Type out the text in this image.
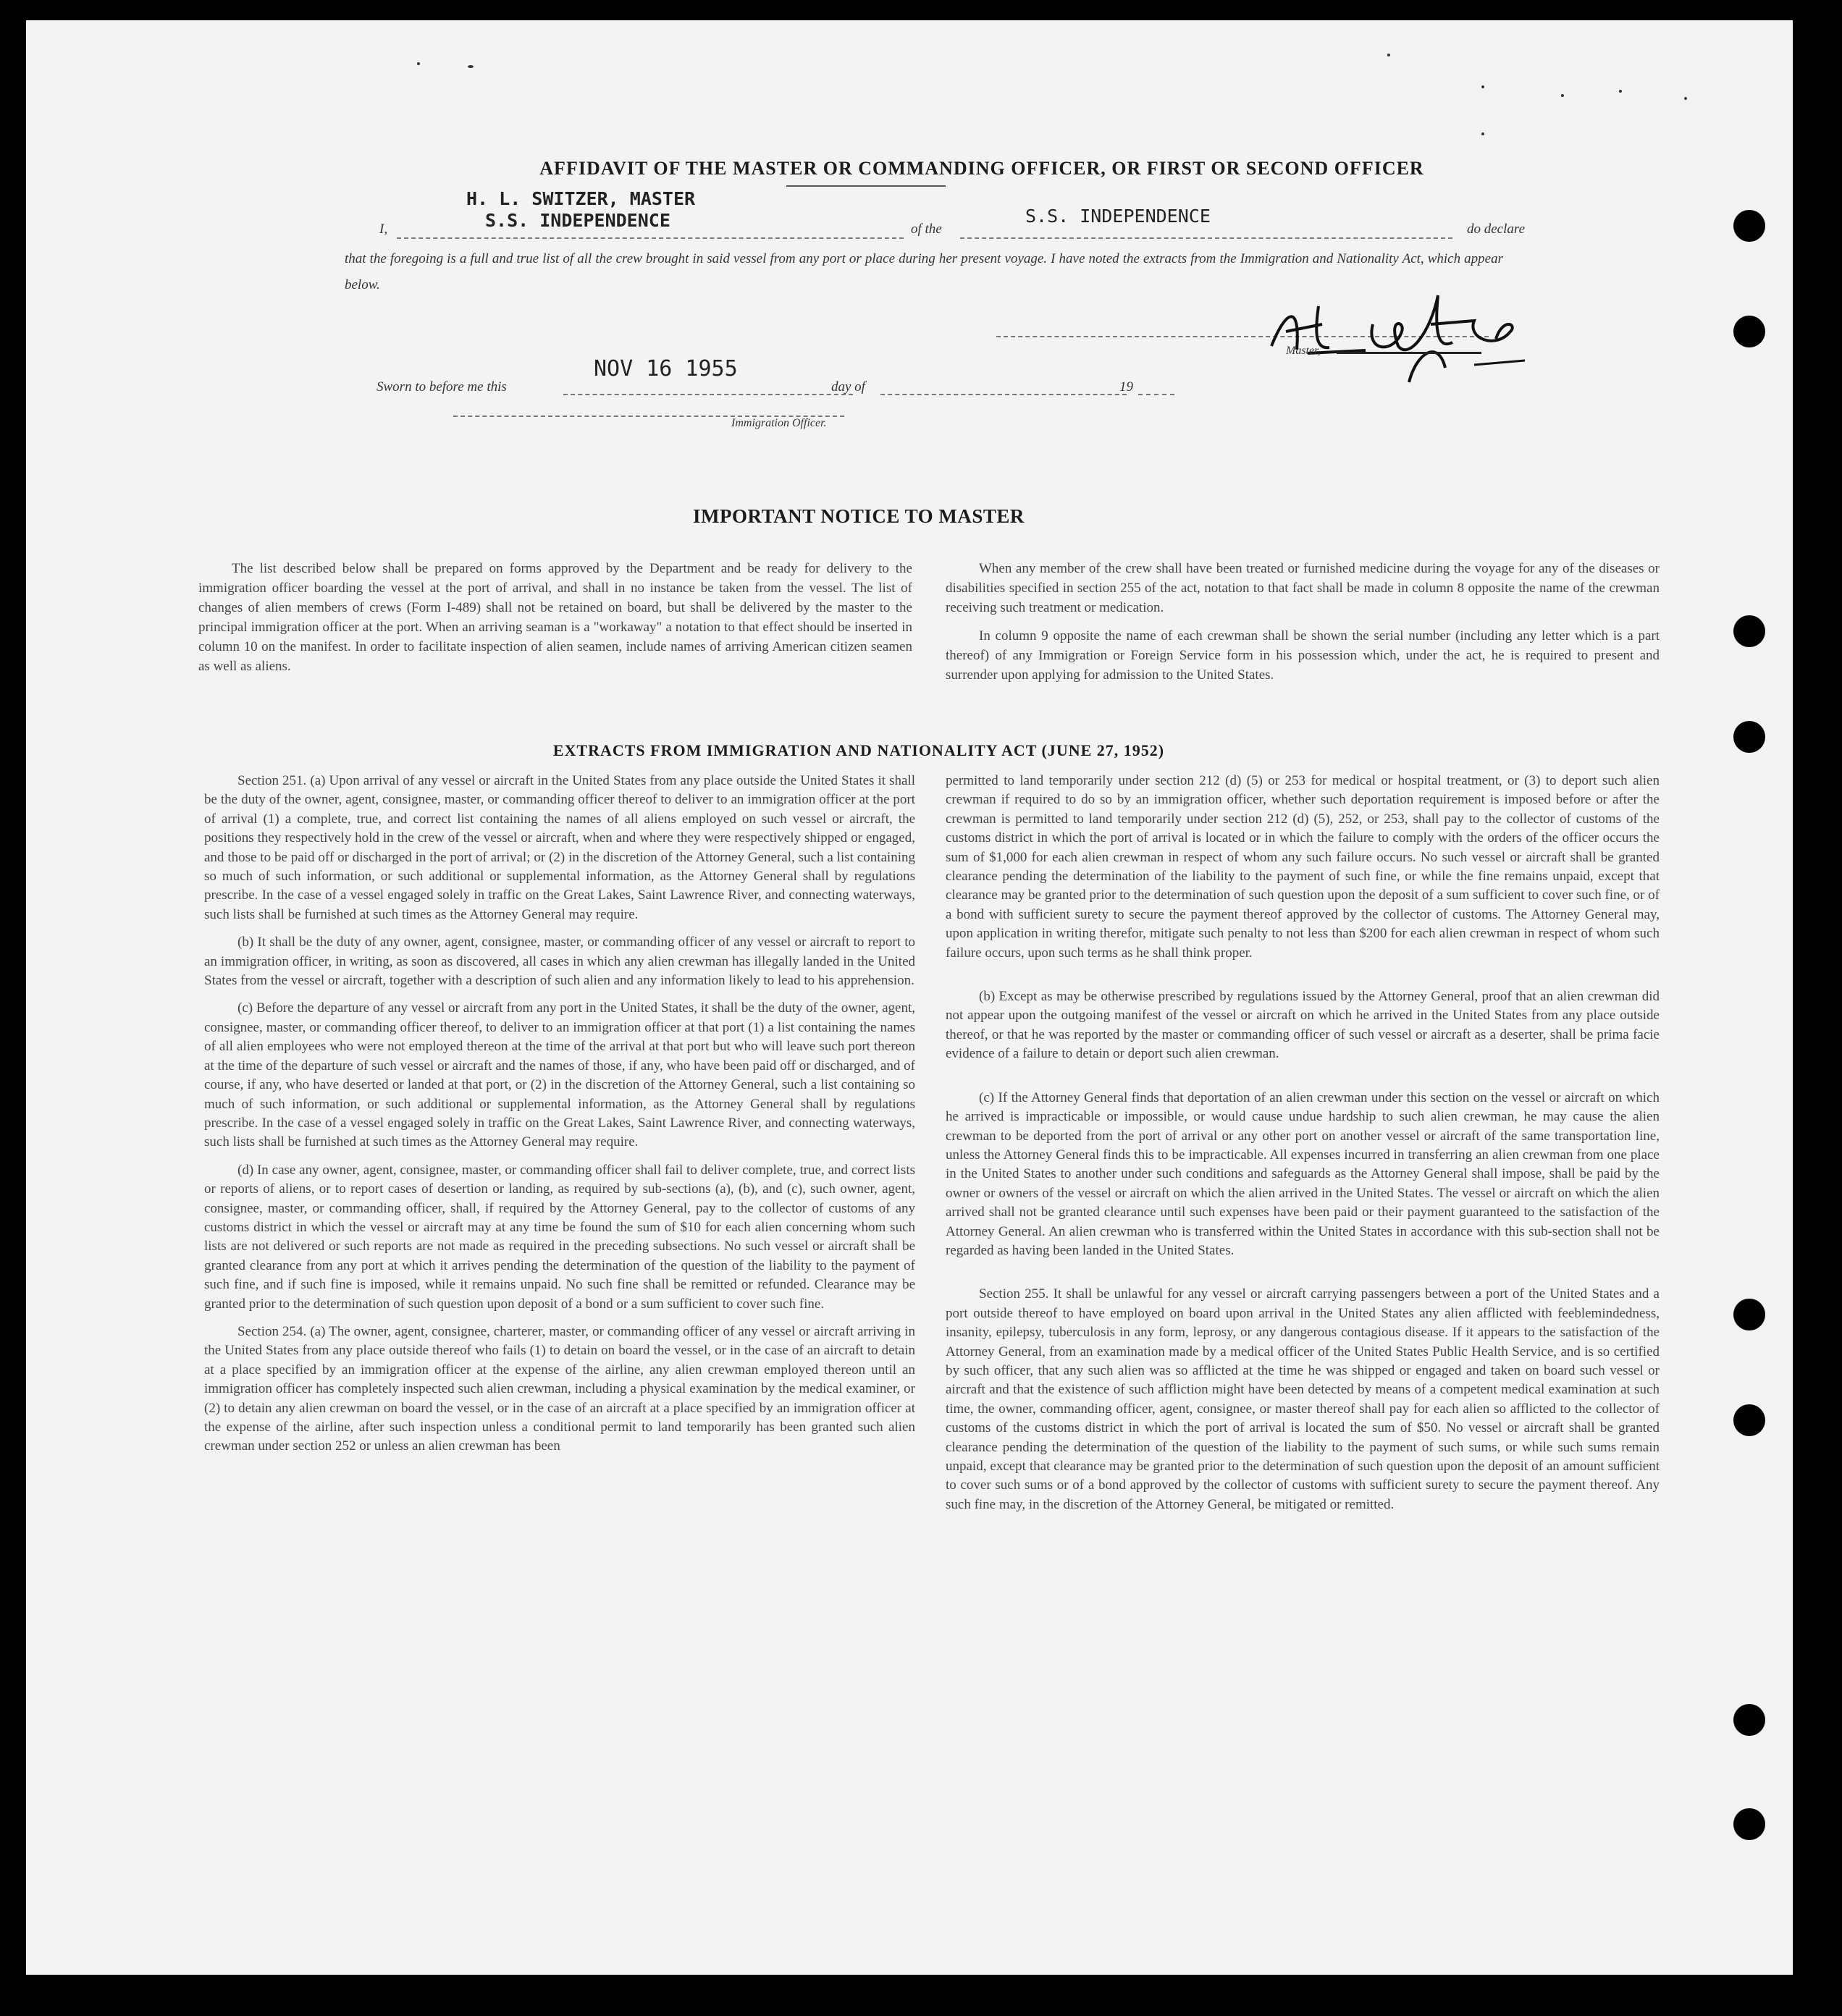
AFFIDAVIT OF THE MASTER OR COMMANDING OFFICER, OR FIRST OR SECOND OFFICER
H. L. SWITZER, MASTER
S.S. INDEPENDENCE
I,	of the
S.S. INDEPENDENCE
do declare
that the foregoing is a full and true list of all the crew brought in said vessel from any port or place during her present voyage. I have noted the extracts from the Immigration and Nationality Act, which appear below.
Master,
NOV 16 1955
Sworn to before me this	day of	19
Immigration Officer.
IMPORTANT NOTICE TO MASTER

The list described below shall be prepared on forms approved by the Department and be ready for delivery to the immigration officer boarding the vessel at the port of arrival, and shall in no instance be taken from the vessel. The list of changes of alien members of crews (Form I-489) shall not be retained on board, but shall be delivered by the master to the principal immigration officer at the port. When an arriving seaman is a "workaway" a notation to that effect should be inserted in column 10 on the manifest. In order to facilitate inspection of alien seamen, include names of arriving American citizen seamen as well as aliens.

When any member of the crew shall have been treated or furnished medicine during the voyage for any of the diseases or disabilities specified in section 255 of the act, notation to that fact shall be made in column 8 opposite the name of the crewman receiving such treatment or medication.

In column 9 opposite the name of each crewman shall be shown the serial number (including any letter which is a part thereof) of any Immigration or Foreign Service form in his possession which, under the act, he is required to present and surrender upon applying for admission to the United States.

EXTRACTS FROM IMMIGRATION AND NATIONALITY ACT (JUNE 27, 1952)

Section 251. (a) Upon arrival of any vessel or aircraft in the United States from any place outside the United States it shall be the duty of the owner, agent, consignee, master, or commanding officer thereof to deliver to an immigration officer at the port of arrival (1) a complete, true, and correct list containing the names of all aliens employed on such vessel or aircraft, the positions they respectively hold in the crew of the vessel or aircraft, when and where they were respectively shipped or engaged, and those to be paid off or discharged in the port of arrival; or (2) in the discretion of the Attorney General, such a list containing so much of such information, or such additional or supplemental information, as the Attorney General shall by regulations prescribe. In the case of a vessel engaged solely in traffic on the Great Lakes, Saint Lawrence River, and connecting waterways, such lists shall be furnished at such times as the Attorney General may require.

(b) It shall be the duty of any owner, agent, consignee, master, or commanding officer of any vessel or aircraft to report to an immigration officer, in writing, as soon as discovered, all cases in which any alien crewman has illegally landed in the United States from the vessel or aircraft, together with a description of such alien and any information likely to lead to his apprehension.

(c) Before the departure of any vessel or aircraft from any port in the United States, it shall be the duty of the owner, agent, consignee, master, or commanding officer thereof, to deliver to an immigration officer at that port (1) a list containing the names of all alien employees who were not employed thereon at the time of the arrival at that port but who will leave such port thereon at the time of the departure of such vessel or aircraft and the names of those, if any, who have been paid off or discharged, and of course, if any, who have deserted or landed at that port, or (2) in the discretion of the Attorney General, such a list containing so much of such information, or such additional or supplemental information, as the Attorney General shall by regulations prescribe. In the case of a vessel engaged solely in traffic on the Great Lakes, Saint Lawrence River, and connecting waterways, such lists shall be furnished at such times as the Attorney General may require.

(d) In case any owner, agent, consignee, master, or commanding officer shall fail to deliver complete, true, and correct lists or reports of aliens, or to report cases of desertion or landing, as required by sub-sections (a), (b), and (c), such owner, agent, consignee, master, or commanding officer, shall, if required by the Attorney General, pay to the collector of customs of any customs district in which the vessel or aircraft may at any time be found the sum of $10 for each alien concerning whom such lists are not delivered or such reports are not made as required in the preceding subsections. No such vessel or aircraft shall be granted clearance from any port at which it arrives pending the determination of the question of the liability to the payment of such fine, and if such fine is imposed, while it remains unpaid. No such fine shall be remitted or refunded. Clearance may be granted prior to the determination of such question upon deposit of a bond or a sum sufficient to cover such fine.

Section 254. (a) The owner, agent, consignee, charterer, master, or commanding officer of any vessel or aircraft arriving in the United States from any place outside thereof who fails (1) to detain on board the vessel, or in the case of an aircraft to detain at a place specified by an immigration officer at the expense of the airline, any alien crewman employed thereon until an immigration officer has completely inspected such alien crewman, including a physical examination by the medical examiner, or (2) to detain any alien crewman on board the vessel, or in the case of an aircraft at a place specified by an immigration officer at the expense of the airline, after such inspection unless a conditional permit to land temporarily has been granted such alien crewman under section 252 or unless an alien crewman has been

permitted to land temporarily under section 212 (d) (5) or 253 for medical or hospital treatment, or (3) to deport such alien crewman if required to do so by an immigration officer, whether such deportation requirement is imposed before or after the crewman is permitted to land temporarily under section 212 (d) (5), 252, or 253, shall pay to the collector of customs of the customs district in which the port of arrival is located or in which the failure to comply with the orders of the officer occurs the sum of $1,000 for each alien crewman in respect of whom any such failure occurs. No such vessel or aircraft shall be granted clearance pending the determination of the liability to the payment of such fine, or while the fine remains unpaid, except that clearance may be granted prior to the determination of such question upon the deposit of a sum sufficient to cover such fine, or of a bond with sufficient surety to secure the payment thereof approved by the collector of customs. The Attorney General may, upon application in writing therefor, mitigate such penalty to not less than $200 for each alien crewman in respect of whom such failure occurs, upon such terms as he shall think proper.

(b) Except as may be otherwise prescribed by regulations issued by the Attorney General, proof that an alien crewman did not appear upon the outgoing manifest of the vessel or aircraft on which he arrived in the United States from any place outside thereof, or that he was reported by the master or commanding officer of such vessel or aircraft as a deserter, shall be prima facie evidence of a failure to detain or deport such alien crewman.

(c) If the Attorney General finds that deportation of an alien crewman under this section on the vessel or aircraft on which he arrived is impracticable or impossible, or would cause undue hardship to such alien crewman, he may cause the alien crewman to be deported from the port of arrival or any other port on another vessel or aircraft of the same transportation line, unless the Attorney General finds this to be impracticable. All expenses incurred in transferring an alien crewman from one place in the United States to another under such conditions and safeguards as the Attorney General shall impose, shall be paid by the owner or owners of the vessel or aircraft on which the alien arrived in the United States. The vessel or aircraft on which the alien arrived shall not be granted clearance until such expenses have been paid or their payment guaranteed to the satisfaction of the Attorney General. An alien crewman who is transferred within the United States in accordance with this sub-section shall not be regarded as having been landed in the United States.

Section 255. It shall be unlawful for any vessel or aircraft carrying passengers between a port of the United States and a port outside thereof to have employed on board upon arrival in the United States any alien afflicted with feeblemindedness, insanity, epilepsy, tuberculosis in any form, leprosy, or any dangerous contagious disease. If it appears to the satisfaction of the Attorney General, from an examination made by a medical officer of the United States Public Health Service, and is so certified by such officer, that any such alien was so afflicted at the time he was shipped or engaged and taken on board such vessel or aircraft and that the existence of such affliction might have been detected by means of a competent medical examination at such time, the owner, commanding officer, agent, consignee, or master thereof shall pay for each alien so afflicted to the collector of customs of the customs district in which the port of arrival is located the sum of $50. No vessel or aircraft shall be granted clearance pending the determination of the question of the liability to the payment of such sums, or while such sums remain unpaid, except that clearance may be granted prior to the determination of such question upon the deposit of an amount sufficient to cover such sums or of a bond approved by the collector of customs with sufficient surety to secure the payment thereof. Any such fine may, in the discretion of the Attorney General, be mitigated or remitted.
